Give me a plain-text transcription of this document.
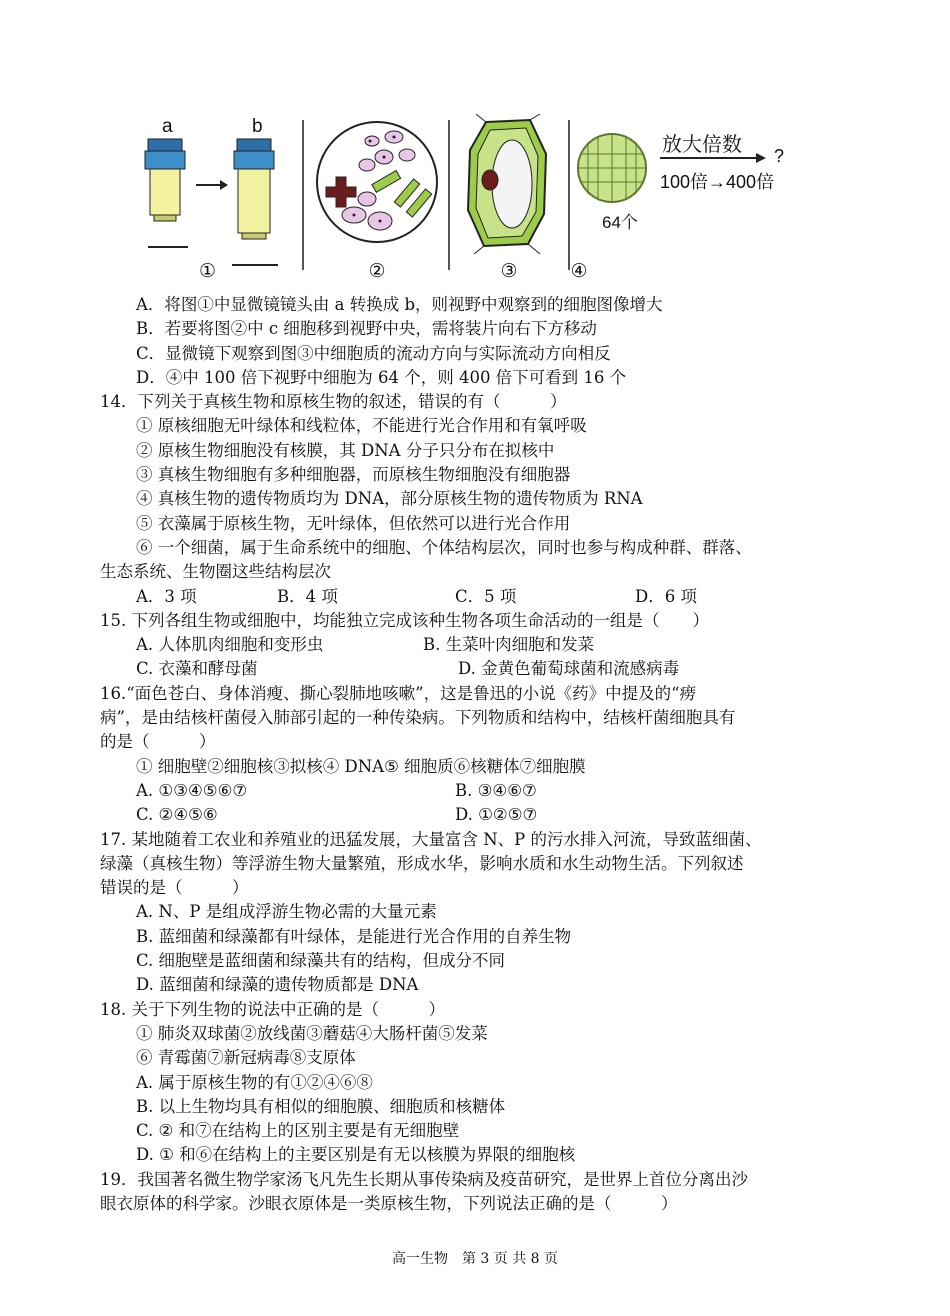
a	b
①	②	③
64个
放大倍数 ?
100倍→400倍
④
A．将图①中显微镜镜头由 a 转换成 b，则视野中观察到的细胞图像增大
B．若要将图②中 c 细胞移到视野中央，需将装片向右下方移动
C．显微镜下观察到图③中细胞质的流动方向与实际流动方向相反
D．④中 100 倍下视野中细胞为 64 个，则 400 倍下可看到 16 个
14．下列关于真核生物和原核生物的叙述，错误的有（　　　）
① 原核细胞无叶绿体和线粒体，不能进行光合作用和有氧呼吸
② 原核生物细胞没有核膜，其 DNA 分子只分布在拟核中
③ 真核生物细胞有多种细胞器，而原核生物细胞没有细胞器
④ 真核生物的遗传物质均为 DNA，部分原核生物的遗传物质为 RNA
⑤ 衣藻属于原核生物，无叶绿体，但依然可以进行光合作用
⑥ 一个细菌，属于生命系统中的细胞、个体结构层次，同时也参与构成种群、群落、
生态系统、生物圈这些结构层次
A．3 项	B．4 项	C．5 项	D．6 项
15. 下列各组生物或细胞中，均能独立完成该种生物各项生命活动的一组是（　　）
A. 人体肌肉细胞和变形虫	B. 生菜叶肉细胞和发菜
C. 衣藻和酵母菌	D. 金黄色葡萄球菌和流感病毒
16.“面色苍白、身体消瘦、撕心裂肺地咳嗽”，这是鲁迅的小说《药》中提及的“痨
病”，是由结核杆菌侵入肺部引起的一种传染病。下列物质和结构中，结核杆菌细胞具有
的是（　　　）
① 细胞壁②细胞核③拟核④ DNA⑤ 细胞质⑥核糖体⑦细胞膜
A. ①③④⑤⑥⑦	B. ③④⑥⑦
C. ②④⑤⑥	D. ①②⑤⑦
17. 某地随着工农业和养殖业的迅猛发展，大量富含 N、P 的污水排入河流，导致蓝细菌、
绿藻（真核生物）等浮游生物大量繁殖，形成水华，影响水质和水生动物生活。下列叙述
错误的是（　　　）
A. N、P 是组成浮游生物必需的大量元素
B. 蓝细菌和绿藻都有叶绿体，是能进行光合作用的自养生物
C. 细胞壁是蓝细菌和绿藻共有的结构，但成分不同
D. 蓝细菌和绿藻的遗传物质都是 DNA
18. 关于下列生物的说法中正确的是（　　　）
① 肺炎双球菌②放线菌③蘑菇④大肠杆菌⑤发菜
⑥ 青霉菌⑦新冠病毒⑧支原体
A. 属于原核生物的有①②④⑥⑧
B. 以上生物均具有相似的细胞膜、细胞质和核糖体
C. ② 和⑦在结构上的区别主要是有无细胞壁
D. ① 和⑥在结构上的主要区别是有无以核膜为界限的细胞核
19．我国著名微生物学家汤飞凡先生长期从事传染病及疫苗研究，是世界上首位分离出沙
眼衣原体的科学家。沙眼衣原体是一类原核生物，下列说法正确的是（　　　）
高一生物　第 3 页 共 8 页
